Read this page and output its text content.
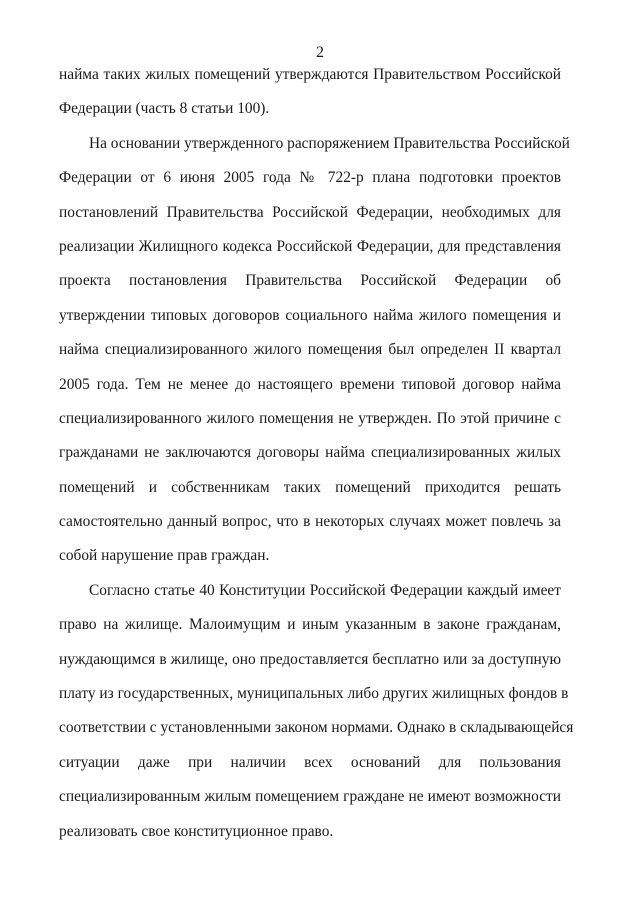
2
найма таких жилых помещений утверждаются Правительством Российской
Федерации (часть 8 статьи 100).
На основании утвержденного распоряжением Правительства Российской
Федерации от 6 июня 2005 года № 722-р плана подготовки проектов
постановлений Правительства Российской Федерации, необходимых для
реализации Жилищного кодекса Российской Федерации, для представления
проекта постановления Правительства Российской Федерации об
утверждении типовых договоров социального найма жилого помещения и
найма специализированного жилого помещения был определен II квартал
2005 года. Тем не менее до настоящего времени типовой договор найма
специализированного жилого помещения не утвержден. По этой причине с
гражданами не заключаются договоры найма специализированных жилых
помещений и собственникам таких помещений приходится решать
самостоятельно данный вопрос, что в некоторых случаях может повлечь за
собой нарушение прав граждан.
Согласно статье 40 Конституции Российской Федерации каждый имеет
право на жилище. Малоимущим и иным указанным в законе гражданам,
нуждающимся в жилище, оно предоставляется бесплатно или за доступную
плату из государственных, муниципальных либо других жилищных фондов в
соответствии с установленными законом нормами. Однако в складывающейся
ситуации даже при наличии всех оснований для пользования
специализированным жилым помещением граждане не имеют возможности
реализовать свое конституционное право.
